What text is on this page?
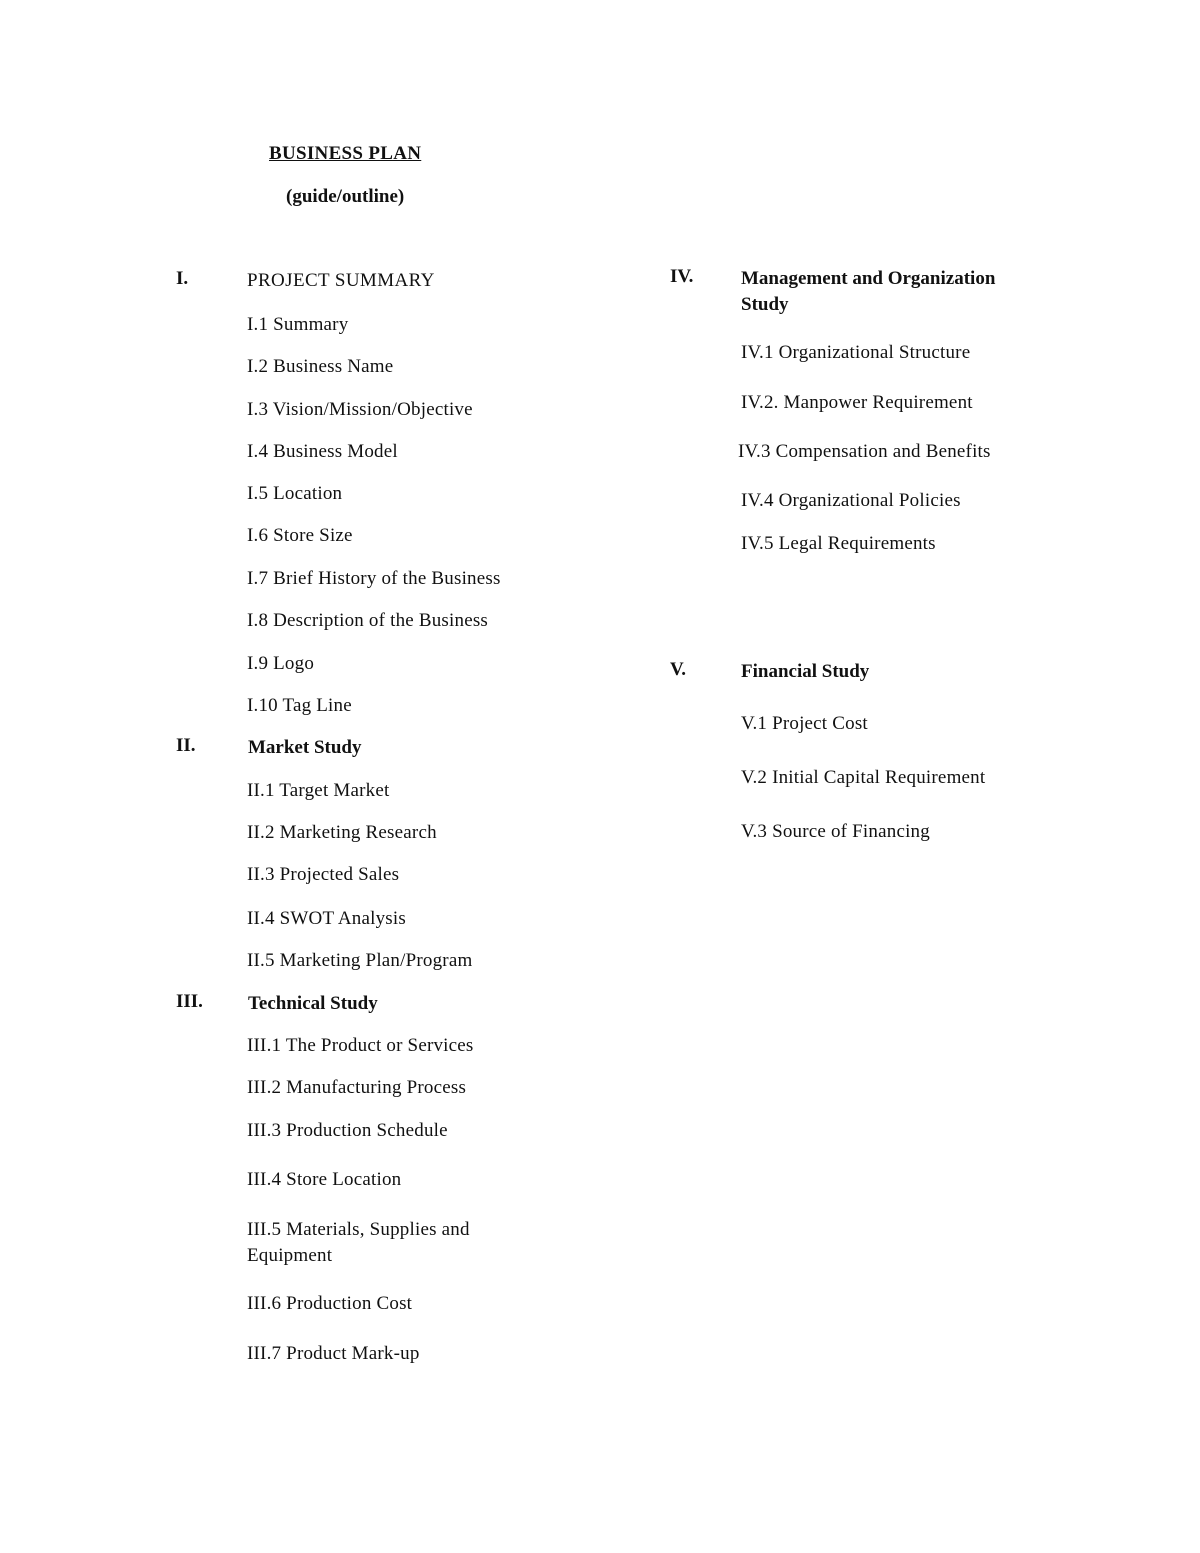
BUSINESS PLAN
(guide/outline)
I.	PROJECT SUMMARY
I.1 Summary
I.2 Business Name
I.3 Vision/Mission/Objective
I.4 Business Model
I.5 Location
I.6 Store Size
I.7 Brief History of the Business
I.8 Description of the Business
I.9 Logo
I.10 Tag Line
II.	Market Study
II.1 Target Market
II.2 Marketing Research
II.3 Projected Sales
II.4 SWOT Analysis
II.5 Marketing Plan/Program
III. Technical Study
III.1 The Product or Services
III.2 Manufacturing Process
III.3 Production Schedule
III.4 Store Location
III.5 Materials, Supplies and Equipment
III.6 Production Cost
III.7 Product Mark-up
IV.	Management and Organization Study
IV.1 Organizational Structure
IV.2. Manpower Requirement
IV.3 Compensation and Benefits
IV.4 Organizational Policies
IV.5 Legal Requirements
V.	Financial Study
V.1 Project Cost
V.2 Initial Capital Requirement
V.3 Source of Financing
